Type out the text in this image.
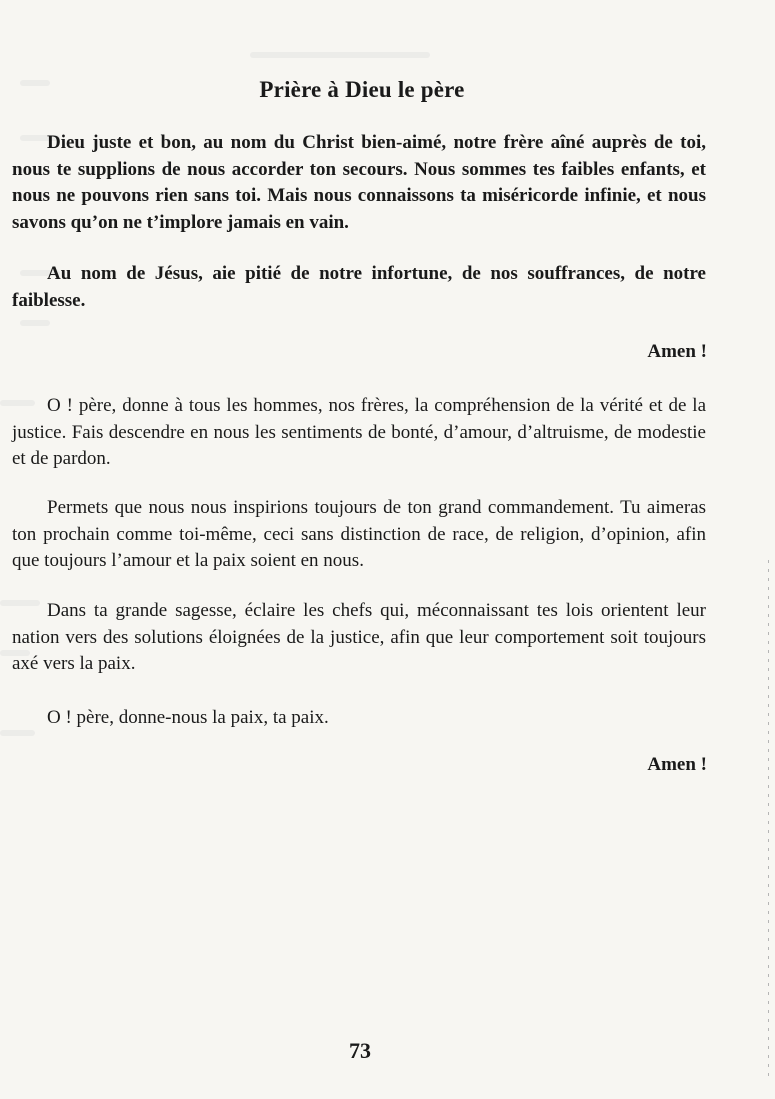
Prière à Dieu le père

Dieu juste et bon, au nom du Christ bien-aimé, notre frère aîné auprès de toi, nous te supplions de nous accorder ton secours. Nous sommes tes faibles enfants, et nous ne pouvons rien sans toi. Mais nous connaissons ta miséricorde infinie, et nous savons qu’on ne t’implore jamais en vain.

Au nom de Jésus, aie pitié de notre infortune, de nos souffrances, de notre faiblesse.

Amen !

O ! père, donne à tous les hommes, nos frères, la compréhension de la vérité et de la justice. Fais descendre en nous les sentiments de bonté, d’amour, d’altruisme, de modestie et de pardon.

Permets que nous nous inspirions toujours de ton grand commandement. Tu aimeras ton prochain comme toi-même, ceci sans distinction de race, de religion, d’opinion, afin que toujours l’amour et la paix soient en nous.

Dans ta grande sagesse, éclaire les chefs qui, méconnaissant tes lois orientent leur nation vers des solutions éloignées de la justice, afin que leur comportement soit toujours axé vers la paix.

O ! père, donne-nous la paix, ta paix.

Amen !
73
